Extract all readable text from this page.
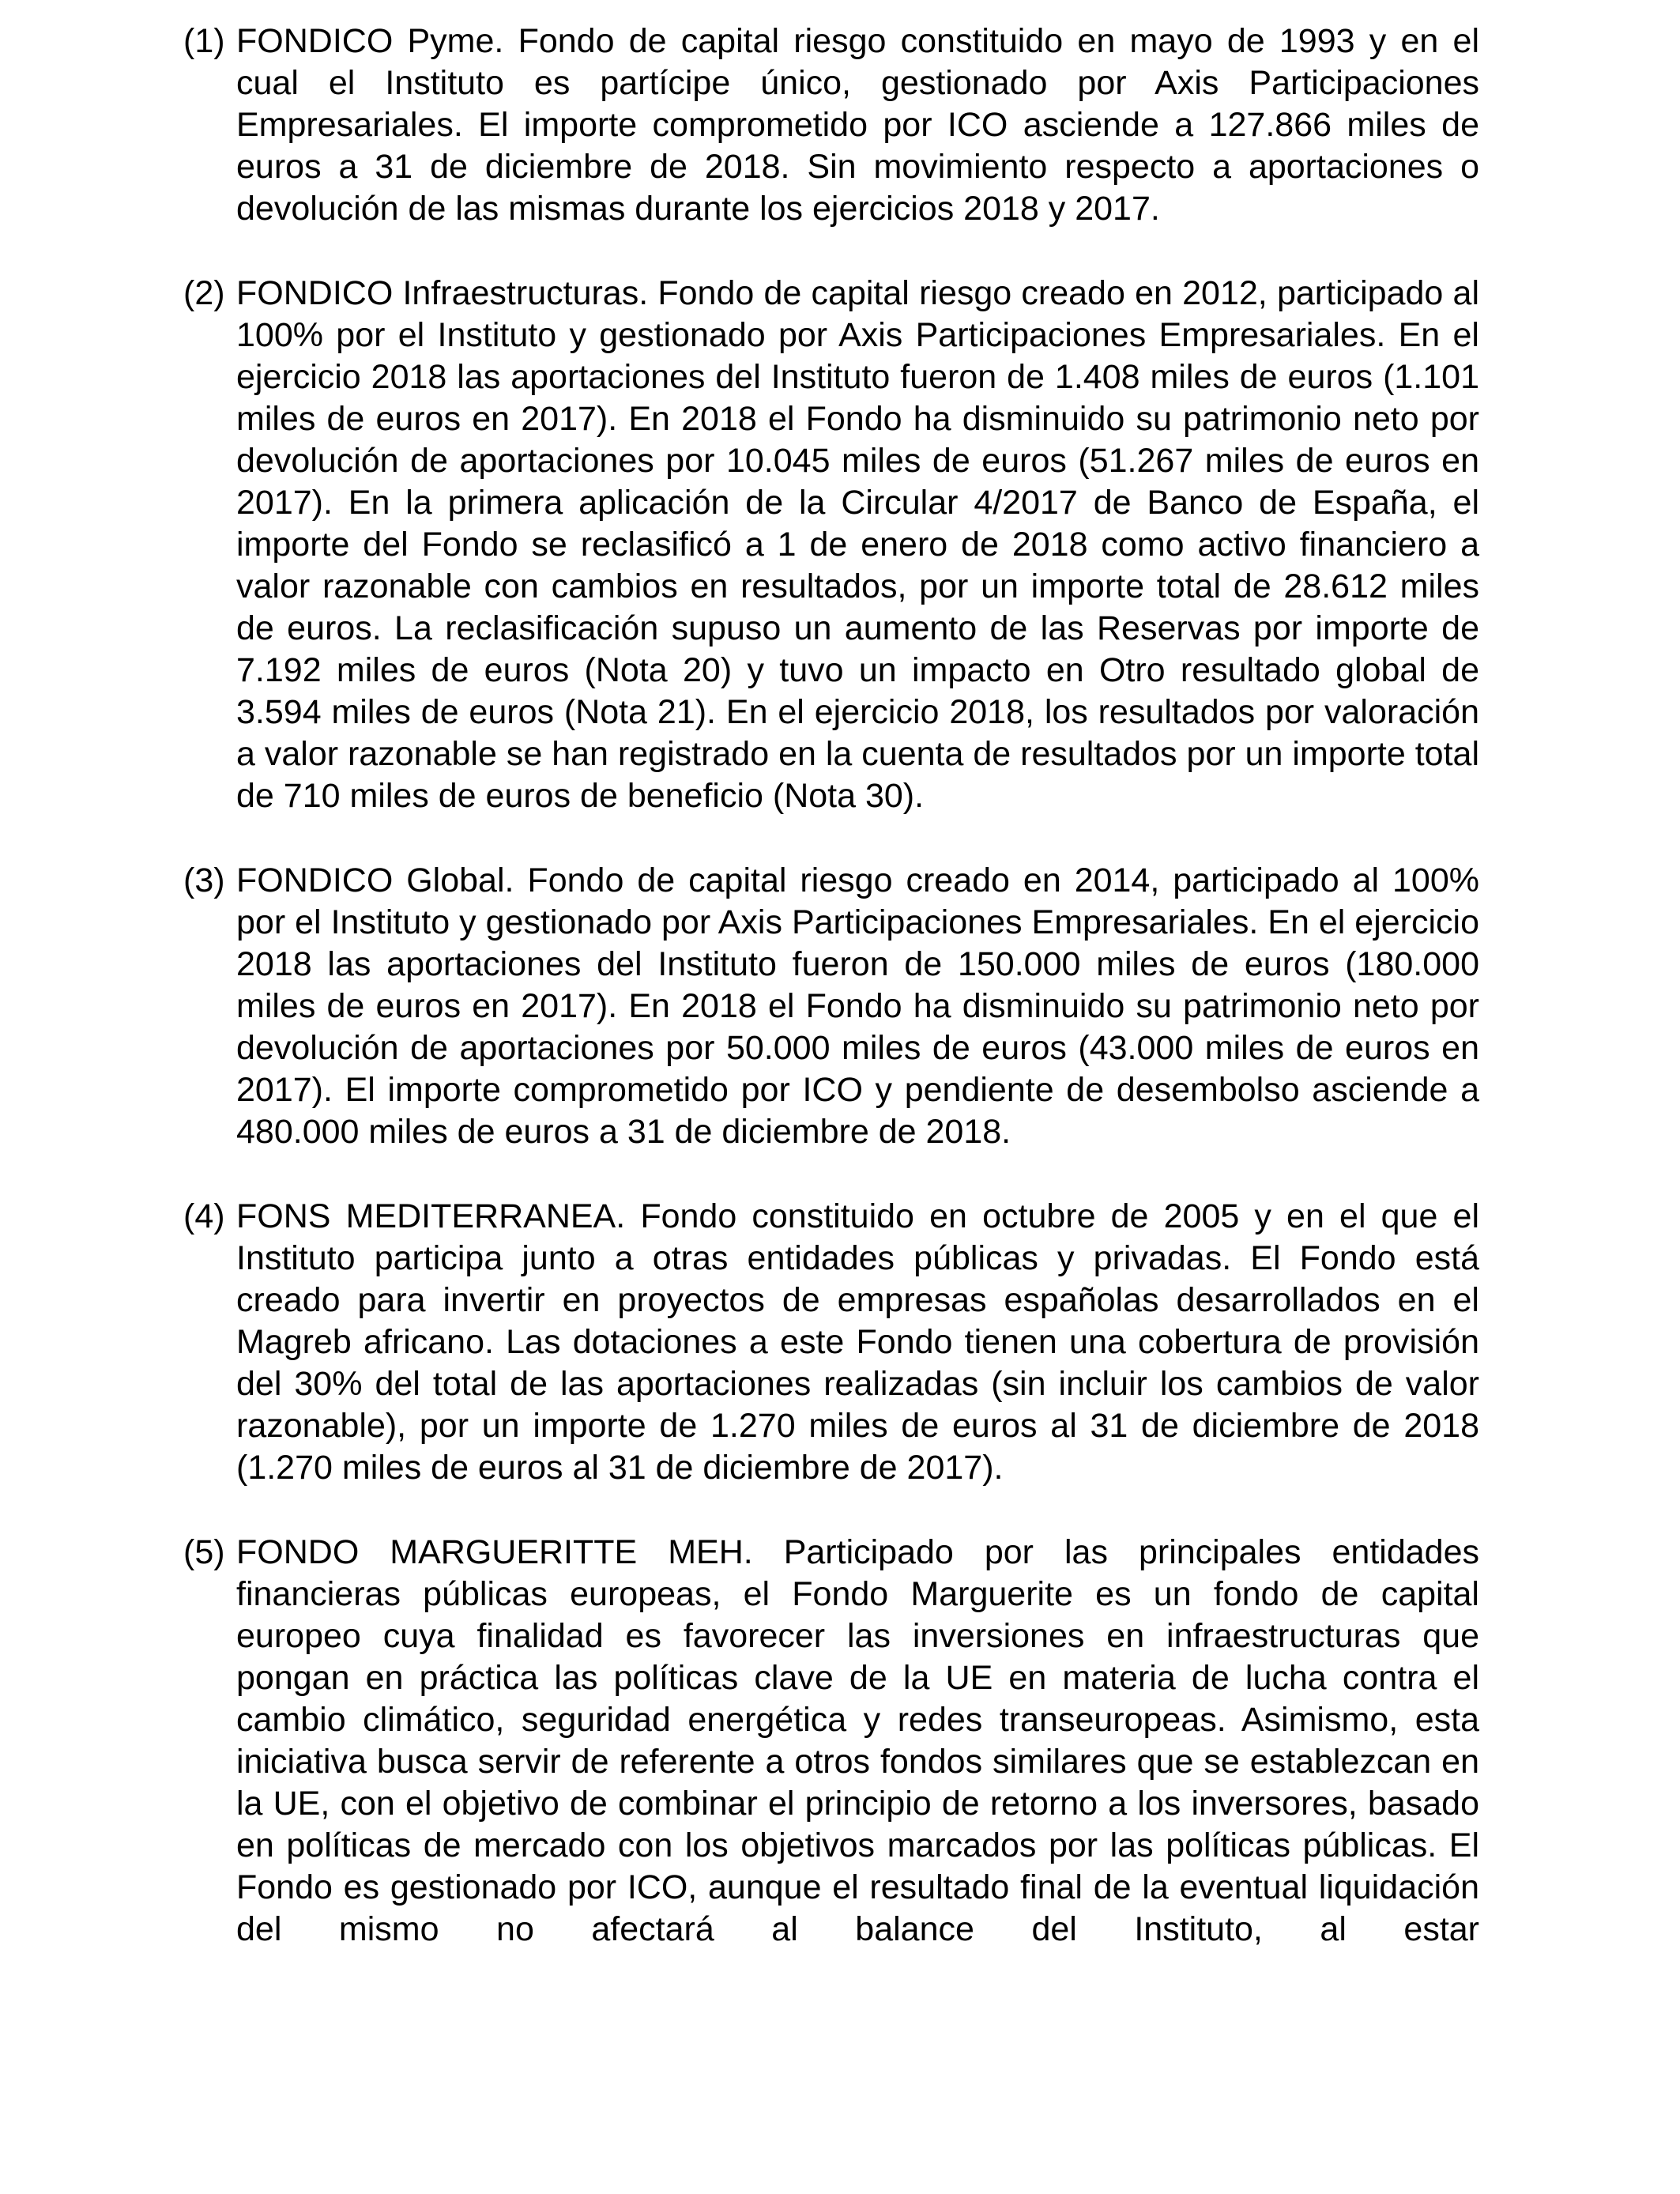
(1) FONDICO Pyme. Fondo de capital riesgo constituido en mayo de 1993 y en el cual el Instituto es partícipe único, gestionado por Axis Participaciones Empresariales. El importe comprometido por ICO asciende a 127.866 miles de euros a 31 de diciembre de 2018. Sin movimiento respecto a aportaciones o devolución de las mismas durante los ejercicios 2018 y 2017.
(2) FONDICO Infraestructuras. Fondo de capital riesgo creado en 2012, participado al 100% por el Instituto y gestionado por Axis Participaciones Empresariales. En el ejercicio 2018 las aportaciones del Instituto fueron de 1.408 miles de euros (1.101 miles de euros en 2017). En 2018 el Fondo ha disminuido su patrimonio neto por devolución de aportaciones por 10.045 miles de euros (51.267 miles de euros en 2017). En la primera aplicación de la Circular 4/2017 de Banco de España, el importe del Fondo se reclasificó a 1 de enero de 2018 como activo financiero a valor razonable con cambios en resultados, por un importe total de 28.612 miles de euros. La reclasificación supuso un aumento de las Reservas por importe de 7.192 miles de euros (Nota 20) y tuvo un impacto en Otro resultado global de 3.594 miles de euros (Nota 21). En el ejercicio 2018, los resultados por valoración a valor razonable se han registrado en la cuenta de resultados por un importe total de 710 miles de euros de beneficio (Nota 30).
(3) FONDICO Global. Fondo de capital riesgo creado en 2014, participado al 100% por el Instituto y gestionado por Axis Participaciones Empresariales. En el ejercicio 2018 las aportaciones del Instituto fueron de 150.000 miles de euros (180.000 miles de euros en 2017). En 2018 el Fondo ha disminuido su patrimonio neto por devolución de aportaciones por 50.000 miles de euros (43.000 miles de euros en 2017). El importe comprometido por ICO y pendiente de desembolso asciende a 480.000 miles de euros a 31 de diciembre de 2018.
(4) FONS MEDITERRANEA. Fondo constituido en octubre de 2005 y en el que el Instituto participa junto a otras entidades públicas y privadas. El Fondo está creado para invertir en proyectos de empresas españolas desarrollados en el Magreb africano. Las dotaciones a este Fondo tienen una cobertura de provisión del 30% del total de las aportaciones realizadas (sin incluir los cambios de valor razonable), por un importe de 1.270 miles de euros al 31 de diciembre de 2018 (1.270 miles de euros al 31 de diciembre de 2017).
(5) FONDO MARGUERITTE MEH. Participado por las principales entidades financieras públicas europeas, el Fondo Marguerite es un fondo de capital europeo cuya finalidad es favorecer las inversiones en infraestructuras que pongan en práctica las políticas clave de la UE en materia de lucha contra el cambio climático, seguridad energética y redes transeuropeas. Asimismo, esta iniciativa busca servir de referente a otros fondos similares que se establezcan en la UE, con el objetivo de combinar el principio de retorno a los inversores, basado en políticas de mercado con los objetivos marcados por las políticas públicas. El Fondo es gestionado por ICO, aunque el resultado final de la eventual liquidación del mismo no afectará al balance del Instituto, al estar
